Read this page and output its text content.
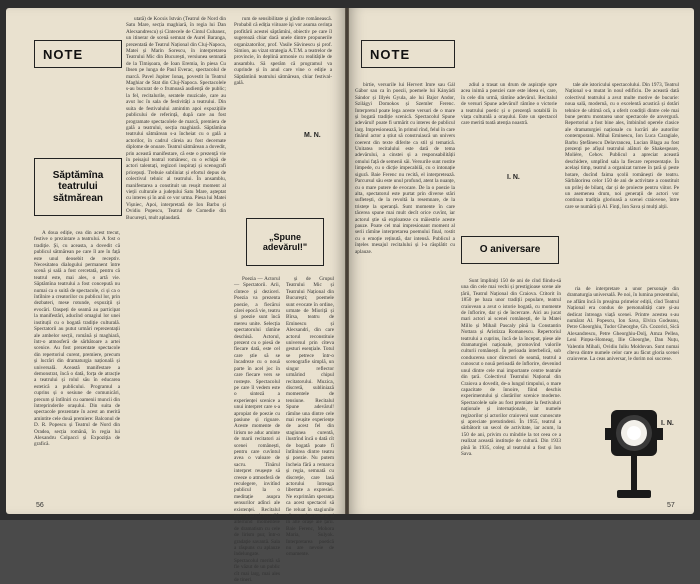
NOTE
Săptămîna
teatrului
sătmărean

A doua ediție, cea din acest trecut, festive o prezintare a teatrului. A fost o tradiție. Și, cu aceasta, a dovedit că publicul sătmărean pe care îl are în față este unul deosebit de receptiv. Necesitatea dialogului permanent între scenă și sală a fost cercetată, pentru că teatrul este, mai ales, o artă vie. Săptămîna teatrului a fost concepută nu numai ca o suită de spectacole, ci și ca o întîlnire a creatorilor cu publicul lor, prin dezbateri, mese rotunde, expoziții și evocări. Oaspeți de seamă au participat la manifestări, aducînd omagiul lor unei instituții cu o bogată tradiție culturală. Spectatorii au putut urmări reprezentații ale ambelor secții, română și maghiară, într-o atmosferă de sărbătoare a artei scenice. Au fost prezentate spectacole din repertoriul curent, premiere, precum și lucrări din dramaturgia națională și universală. Această manifestare a demonstrat, încă o dată, forța de atracție a teatrului și rolul său în educarea estetică a publicului. Programul a cuprins și o sesiune de comunicări, precum și întîlniri cu oamenii muncii din întreprinderile orașului. Din suita de spectacole prezentate în acest an merită amintite cele două premiere: Balconul de D. R. Popescu și Teatrul de Nord din Oradea, secția română, în regia lui Alexandru Colpacci și Expoziția de grafică.

utată) de Kocsis István (Teatrul de Nord din Satu Mare, secția maghiară, în regia lui Dan Alecsandrescu) și Cintecele de Cintul Cubanez, un itinerar de scenă semnat de Aurel Baranga, prezentată de Teatrul Național din Cluj-Napoca, Matei și Marin Sorescu, în interpretarea Teatrului Mic din București, versiunea semnată de la Timișoara, de Ioan Eremia, în piesa Cu Ibsen pe lunga de Paul Everac, spectacolul de marcă. Pavel Jupiter Ionaș, povestit în Teatrul Maghiar de Stat din Cluj-Napoca. Spectacolele s-au bucurat de o frumoasă audiență de public; la fel, recitalurile, seratele muzicale, care au avut loc în sala de festivități a teatrului. Din suita de festivalului amintim apoi expozițiile publicului de referință, după care au fost programate spectacolele de marcă, premiera de gală a teatrului, secția maghiară. Săptămîna teatrului sătmărean s-a încheiat cu o gală a actorilor, în cadrul căreia au fost decernate diplome de onoare. Teatrul sătmărean a dovedit, prin această manifestare, că este o prezență vie în peisajul teatral românesc, cu o echipă de actori talentați, regizori inspirați și scenografi pricepuți. Trebuie subliniat și efortul depus de colectivul tehnic al teatrului. În ansamblu, manifestarea a constituit un reușit moment al vieții culturale a județului Satu Mare, așteptat cu interes și în anii ce vor urma. Piesa lui Matei Vișniec, Apoi, interpretată de Ion Barbu și Ovidiu Popescu, Teatrul de Comedie din București, mult aplaudată.

rum de sensibilitate și gîndire românească. Probabil că ediția viitoare își vor asuma cerința profitării acestei săptămîni, obiectiv pe care îl sugerează chiar dacă unele dintre propunerile organizatorilor, prof. Vasile Săvinescu și prof. Simion, au vizat strategia A.T.M. a teatrelor de provincie, în deplină armonie cu realitățile de ansamblu. Să sperăm că programul va cuprinde și în anul care vine o ediție a Săptămînii teatrului sătmărean, chiar festival-gală.

M. N.
„Spune
adevărul!"

Poezia — Actorul — Spectatorii. Arii, cîntece și deziceri. Poezia va prezenta poezie, a fiecărui cărei epocă vie, teatru și poezie sunt încă mereu unite. Selecția spectatorului rămîne deschisă. Actorul, prezent cu o piesă de fiecare dată, este cel care știe să se încadreze cu o nouă parte în acel joc în care fiecare vers se rostește. Spectacolul pe care îl vedem este o sinteză a experienței scenice a unui interpret care s-a apropiat de poezie cu pasiune și rigoare. Aceste momente de lirism ne aduc aminte de marii recitatori ai scenei românești, pentru care cuvîntul avea o valoare de sacru. Tînărul interpret reușește să creeze o atmosferă de reculegere, invitînd publicul la o meditație asupra sensurilor adînci ale existenței. Recitalul este construit cu grijă, alternînd momentele de dramatism cu cele de lirism pur, într-o gradație savantă. Sala a răspuns cu aplauze îndelungate. Spectacolul merită să fie văzut de un public cît mai larg, mai ales de tineri.

și de Grupul Teatrului Mic și Teatrului Național din București; poemele sunt evocate în ordine, urmate de Mioriță și Bîrsa, teatru de Eminescu și Alecsandri, din care actorul reconstituie universul prin cîteva gesturi esențiale. Totul se petrece într-o scenografie simplă, un singur reflector urmărind chipul recitatorului. Muzica, discretă, subliniază momentele de tensiune. Recitalul Spune adevărul! rămîne una dintre cele mai reușite experiențe de acest fel din stagiunea curentă, ilustrînd încă o dată cît de bogată poate fi întîlnirea dintre teatru și poezie. Nu putem încheia fără a remarca și regia, semnată cu discreție, care lasă actorului întreaga libertate a expresiei. Ne exprimăm speranța ca acest spectacol să fie reluat în stagiunile viitoare și prezentat și în alte orașe ale țării. Baie Ferenc, Mohora Maria, Sulyok. Interpretarea poetică nu are nevoie de ornamente.

56
NOTE

birtie, versurile lui Hervert Imre sau Gál Gábor sau ca în poezii, poemele lui Kányádi Sándor și Illyés Gyula, ale lui Bajor Andor, Szilágyi Domokos și Szemler Ferenc. Interpretul poate lega aceste versuri de o mare și bogată tradiție scenică. Spectacolul Spune adevărul! poate fi urmărit cu interes de publicul larg. Impresionează, în primul rînd, felul în care tînărul actor a știut să construiască un univers coerent din texte diferite ca stil și tematică. Unitatea recitalului este dată de tema adevărului, a cinstei și a responsabilității omului față de semenii săi. Versurile sunt rostite limpede, cu o dicție impecabilă, cu o intonație sigură. Baie Ferenc nu recită, el interpretează. Parcursul său este unul profund, atent la nuanțe, cu o mare putere de evocare. De la o poezie la alta, spectatorul este purtat prin diverse stări sufletești, de la revoltă la resemnare, de la tristețe la speranță. Sunt momente în care tăcerea spune mai mult decît orice cuvînt, iar actorul știe să exploateze cu măiestrie aceste pauze. Poate cel mai impresionant moment al serii rămîne interpretarea poemului final, rostit cu o emoție reținută, dar intensă. Publicul a înțeles mesajul recitalului și l-a răsplătit cu aplauze.

zdiul a trasat un drum de aspirație spre acea inimă a poeziei care este ideea ei, care, în cele din urmă, rămîne adevărul. Recitalul de versuri Spune adevărul! rămîne o victorie a teatrului poetic și o prezență notabilă în viața culturală a orașului. Este un spectacol care merită toată atenția noastră.

I. N.

tale ale istoricului spectacolului. Din 1973, Teatrul Național s-a mutat în noul edificiu. De această dată colectivul teatrului a avut multe motive de bucurie: noua sală, modernă, cu o excelentă acustică și dotări tehnice de ultimă oră, a oferit condiții dintre cele mai bune pentru montarea unor spectacole de anvergură. Repertoriul a fost bine ales, îmbinînd operele clasice ale dramaturgiei naționale cu lucrări ale autorilor contemporani. Mihai Eminescu, Ion Luca Caragiale, Barbu Ștefănescu Delavrancea, Lucian Blaga au fost prezenți pe afișul teatrului alături de Shakespeare, Molière, Cehov. Publicul a apreciat această deschidere, umplînd sala la fiecare reprezentație. În același timp, teatrul a organizat turnee în țară și peste hotare, ducînd faima școlii românești de teatru. Sărbătorirea celor 150 de ani de activitate a constituit un prilej de bilanț, dar și de proiecte pentru viitor. Pe un asemenea drum, noi generații de actori vor continua tradiția glorioasă a scenei craiovene, între care se numără și Al. Finți, Ion Sava și mulți alții.

O aniversare

Sunt împliniți 150 de ani de cînd fiindu-să una din cele mai vechi și prestigioase scene ale țării, Teatrul Național din Craiova. Ctitorit în 1850 pe baza unor tradiții populare, teatrul craiovean a avut o istorie bogată, cu momente de înflorire, dar și de încercare. Aici au jucat mari actori ai scenei românești, de la Matei Millo și Mihail Pascaly pînă la Constantin Nottara și Aristizza Romanescu. Repertoriul teatrului a cuprins, încă de la început, piese ale dramaturgiei naționale, promovînd valorile culturii românești. În perioada interbelică, sub conducerea unor directori de seamă, teatrul a cunoscut o nouă perioadă de înflorire, devenind unul dintre cele mai importante centre teatrale din țară. Colectivul Teatrului Național din Craiova a dovedit, de-a lungul timpului, o mare capacitate de înnoire, fiind deschis experimentului și căutărilor scenice moderne. Spectacolele sale au fost premiate la festivaluri naționale și internaționale, iar numele regizorilor și actorilor craioveni sunt cunoscute și apreciate pretutindeni. În 1955, teatrul a sărbătorit un secol de activitate, iar acum, la 150 de ani, privim cu mîndrie la tot ceea ce a realizat această instituție de cultură. Din 1933 pînă în 1935, coleg al teatrului a fost și Ion Sava.

ria de interpretare a unor personaje din dramaturgia universală. Pe noi, în lumina prezentului, ne aflăm încă în preajma primelor ediții, cînd Teatrul Național era condus de personalități care și-au dedicat întreaga viață scenei. Printre acestea s-au numărat Al. Popescu, Ion Sava, Elvira Godeanu, Petre Gheorghiu, Tudor Gheorghe, Gh. Cozorici, Sică Alexandrescu, Petre Gheorghiu-Dolj, Amza Pellea, Leni Pințea-Homeag, Ilie Gheorghe, Dan Nuțu, Valentin Mihali, Ovidiu Iuliu Moldovan. Sunt numai cîteva dintre numele celor care au făcut gloria scenei craiovene. La ceas aniversar, le dorim noi succese.

I. N.
57
